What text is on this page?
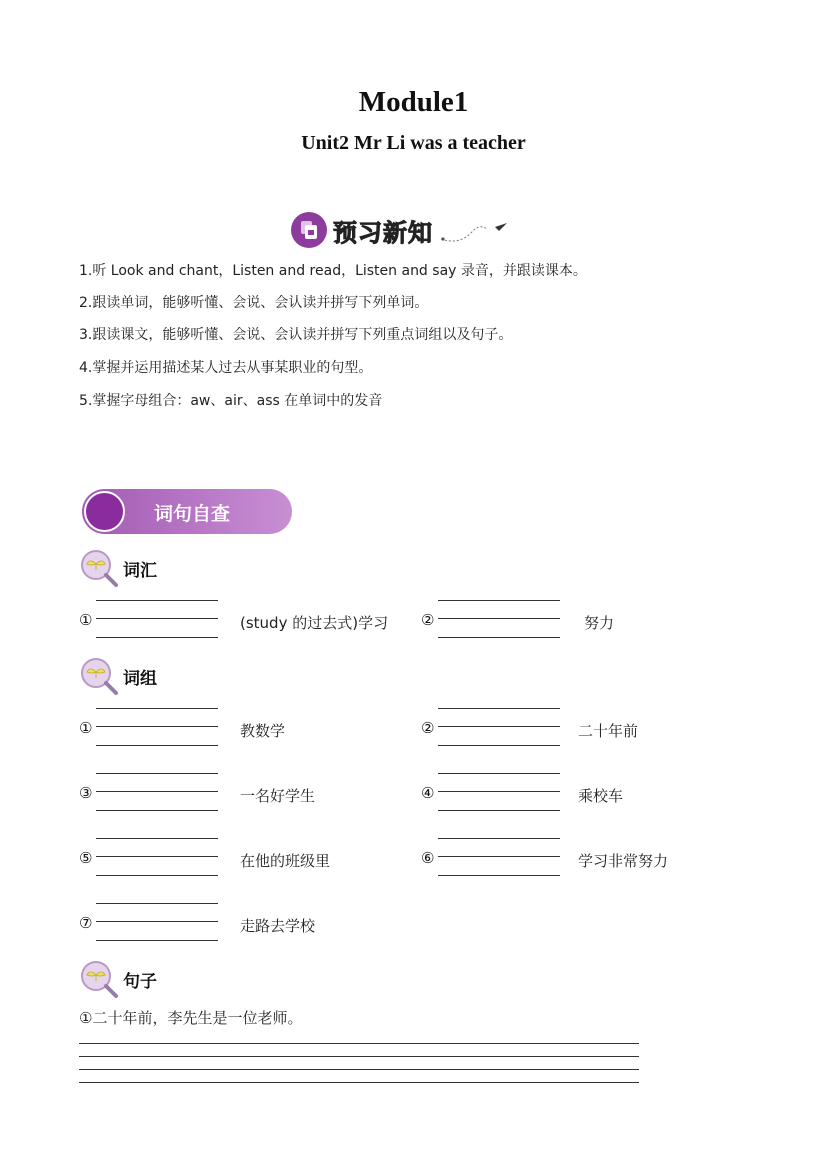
Module1
Unit2 Mr Li was a teacher
预习新知
1.听 Look and chant，Listen and read，Listen and say 录音，并跟读课本。
2.跟读单词，能够听懂、会说、会认读并拼写下列单词。
3.跟读课文，能够听懂、会说、会认读并拼写下列重点词组以及句子。
4.掌握并运用描述某人过去从事某职业的句型。
5.掌握字母组合：aw、air、ass 在单词中的发音
词句自查
词汇
①	(study 的过去式)学习 ②	努力
词组
①	教数学	②	二十年前
③	一名好学生	④	乘校车
⑤	在他的班级里	⑥	学习非常努力
⑦	走路去学校
句子
①二十年前，李先生是一位老师。
